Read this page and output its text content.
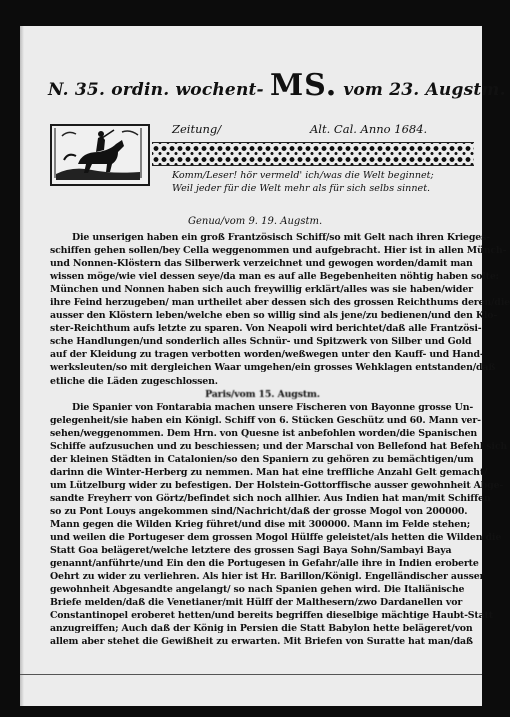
N. 35. ordin. wochent- MS. vom 23. Augstm.
Zeitung/	Alt. Cal. Anno 1684.
Komm/Leser! hör vermeld' ich/was die Welt beginnet;
Weil jeder für die Welt mehr als für sich selbs sinnet.
Genua/vom 9. 19. Augstm.
Die unserigen haben ein groß Frantzösisch Schiff/so mit Gelt nach ihren Krieges-
schiffen gehen sollen/bey Cella weggenommen und aufgebracht. Hier ist in allen Münch-
und Nonnen-Klöstern das Silberwerk verzeichnet und gewogen worden/damit man
wissen möge/wie viel dessen seye/da man es auf alle Begebenheiten nöhtig haben solte:
München und Nonnen haben sich auch freywillig erklärt/alles was sie haben/wider
ihre Feind herzugeben/ man urtheilet aber dessen sich des grossen Reichthums deren/die
ausser den Klöstern leben/welche eben so willig sind als jene/zu bedienen/und den Klo-
ster-Reichthum aufs letzte zu sparen. Von Neapoli wird berichtet/daß alle Frantzösi-
sche Handlungen/und sonderlich alles Schnür- und Spitzwerk von Silber und Gold
auf der Kleidung zu tragen verbotten worden/weßwegen unter den Kauff- und Hand-
werksleuten/so mit dergleichen Waar umgehen/ein grosses Wehklagen entstanden/daß
etliche die Läden zugeschlossen.
Paris/vom 15. Augstm.
Die Spanier von Fontarabia machen unsere Fischeren von Bayonne grosse Un-
gelegenheit/sie haben ein Königl. Schiff von 6. Stücken Geschütz und 60. Mann ver-
sehen/weggenommen. Dem Hrn. von Quesne ist anbefohlen worden/die Spanischen
Schiffe aufzusuchen und zu beschiessen; und der Marschal von Bellefond hat Befehl sich
der kleinen Städten in Catalonien/so den Spaniern zu gehören zu bemächtigen/um
darinn die Winter-Herberg zu nemmen. Man hat eine treffliche Anzahl Gelt gemacht/
um Lützelburg wider zu befestigen. Der Holstein-Gottorffische ausser gewohnheit Abge-
sandte Freyherr von Görtz/befindet sich noch allhier. Aus Indien hat man/mit Schiffen
so zu Pont Louys angekommen sind/Nachricht/daß der grosse Mogol von 200000.
Mann gegen die Wilden Krieg führet/und dise mit 300000. Mann im Felde stehen;
und weilen die Portugeser dem grossen Mogol Hülffe geleistet/als hetten die Wilden die
Statt Goa belägeret/welche letztere des grossen Sagi Baya Sohn/Sambayi Baya
genannt/anführte/und Ein den die Portugesen in Gefahr/alle ihre in Indien eroberte
Oehrt zu wider zu verliehren. Als hier ist Hr. Barillon/Königl. Engelländischer ausser
gewohnheit Abgesandte angelangt/ so nach Spanien gehen wird. Die Italiänische
Briefe melden/daß die Venetianer/mit Hülff der Malthesern/zwo Dardanellen vor
Constantinopel eroberet hetten/und bereits begriffen dieselbige mächtige Haubt-Statt
anzugreiffen; Auch daß der König in Persien die Statt Babylon hette belägeret/von
allem aber stehet die Gewißheit zu erwarten. Mit Briefen von Suratte hat man/daß
